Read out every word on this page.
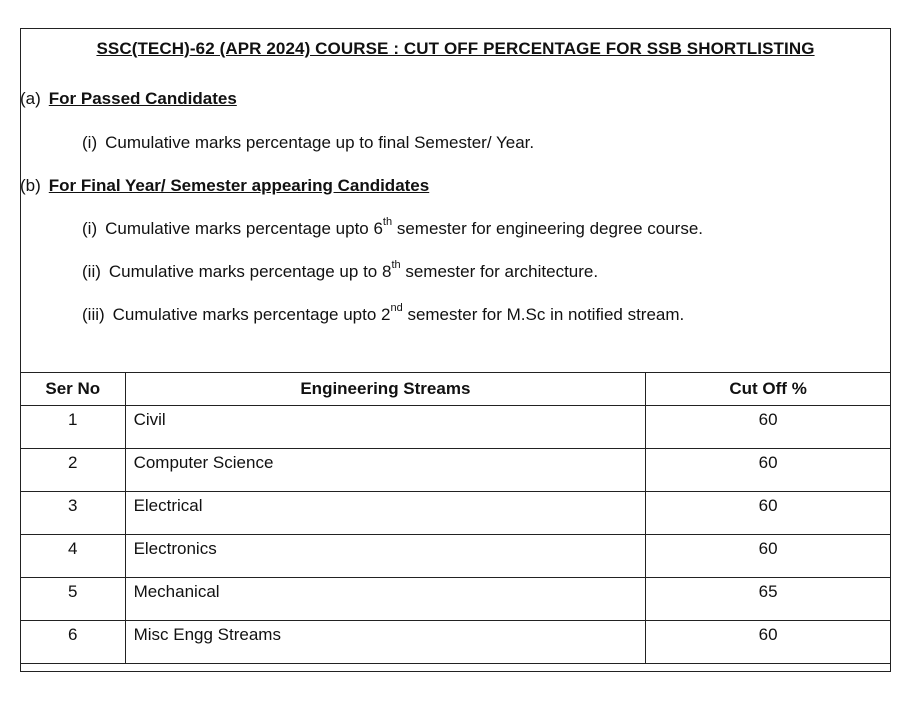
SSC(TECH)-62 (APR 2024) COURSE : CUT OFF PERCENTAGE FOR SSB SHORTLISTING
(a) For Passed Candidates
(i) Cumulative marks percentage up to final Semester/ Year.
(b) For Final Year/ Semester appearing Candidates
(i) Cumulative marks percentage upto 6th semester for engineering degree course.
(ii) Cumulative marks percentage up to 8th semester for architecture.
(iii) Cumulative marks percentage upto 2nd semester for M.Sc in notified stream.
Ser No	Engineering Streams	Cut Off %
1	Civil	60
2	Computer Science	60
3	Electrical	60
4	Electronics	60
5	Mechanical	65
6	Misc Engg Streams	60
